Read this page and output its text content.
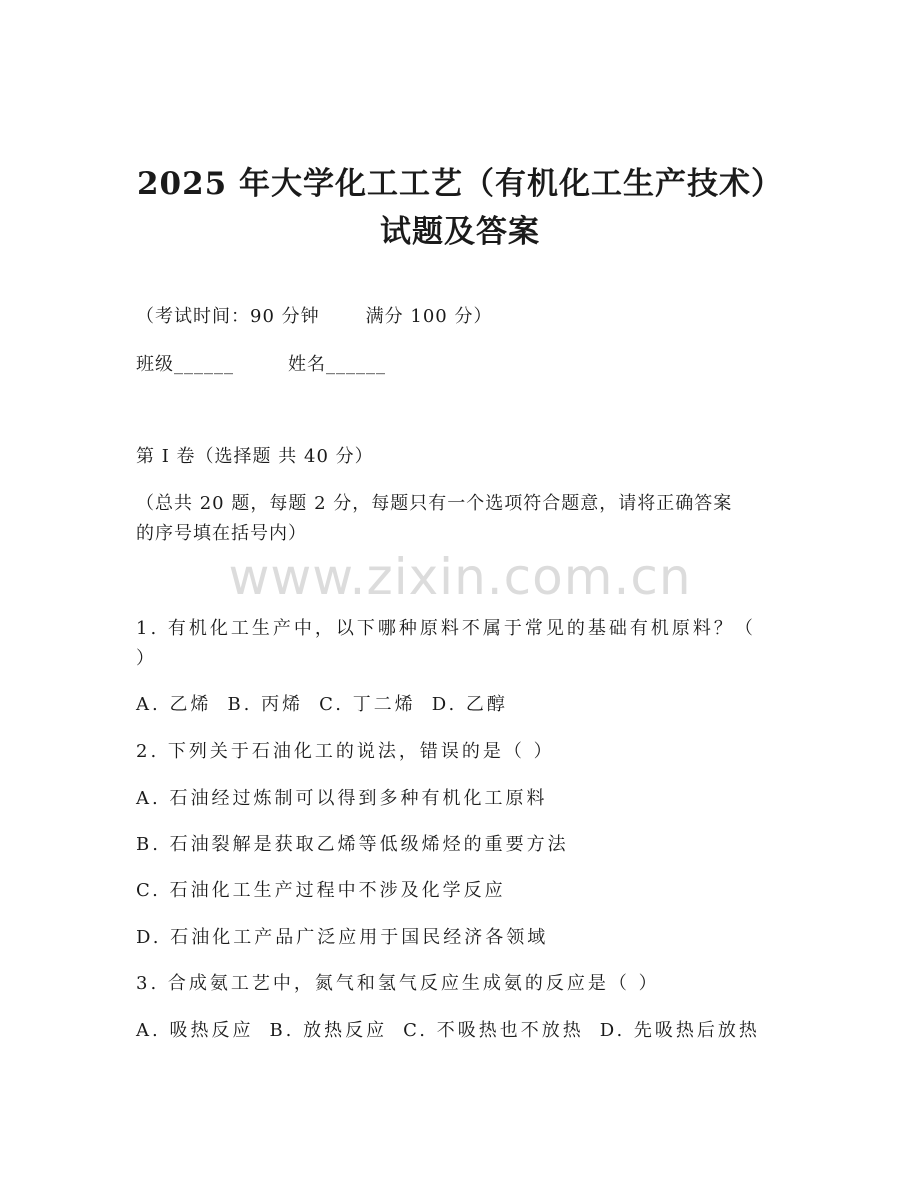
2025 年大学化工工艺（有机化工生产技术）
试题及答案
（考试时间：90 分钟	满分 100 分）
班级______	姓名______
第 I 卷（选择题 共 40 分）
（总共 20 题，每题 2 分，每题只有一个选项符合题意，请将正确答案
的序号填在括号内）
www.zixin.com.cn
1. 有机化工生产中，以下哪种原料不属于常见的基础有机原料？（
）
A. 乙烯 B. 丙烯 C. 丁二烯 D. 乙醇
2. 下列关于石油化工的说法，错误的是（ ）
A. 石油经过炼制可以得到多种有机化工原料
B. 石油裂解是获取乙烯等低级烯烃的重要方法
C. 石油化工生产过程中不涉及化学反应
D. 石油化工产品广泛应用于国民经济各领域
3. 合成氨工艺中，氮气和氢气反应生成氨的反应是（ ）
A. 吸热反应 B. 放热反应 C. 不吸热也不放热 D. 先吸热后放热
